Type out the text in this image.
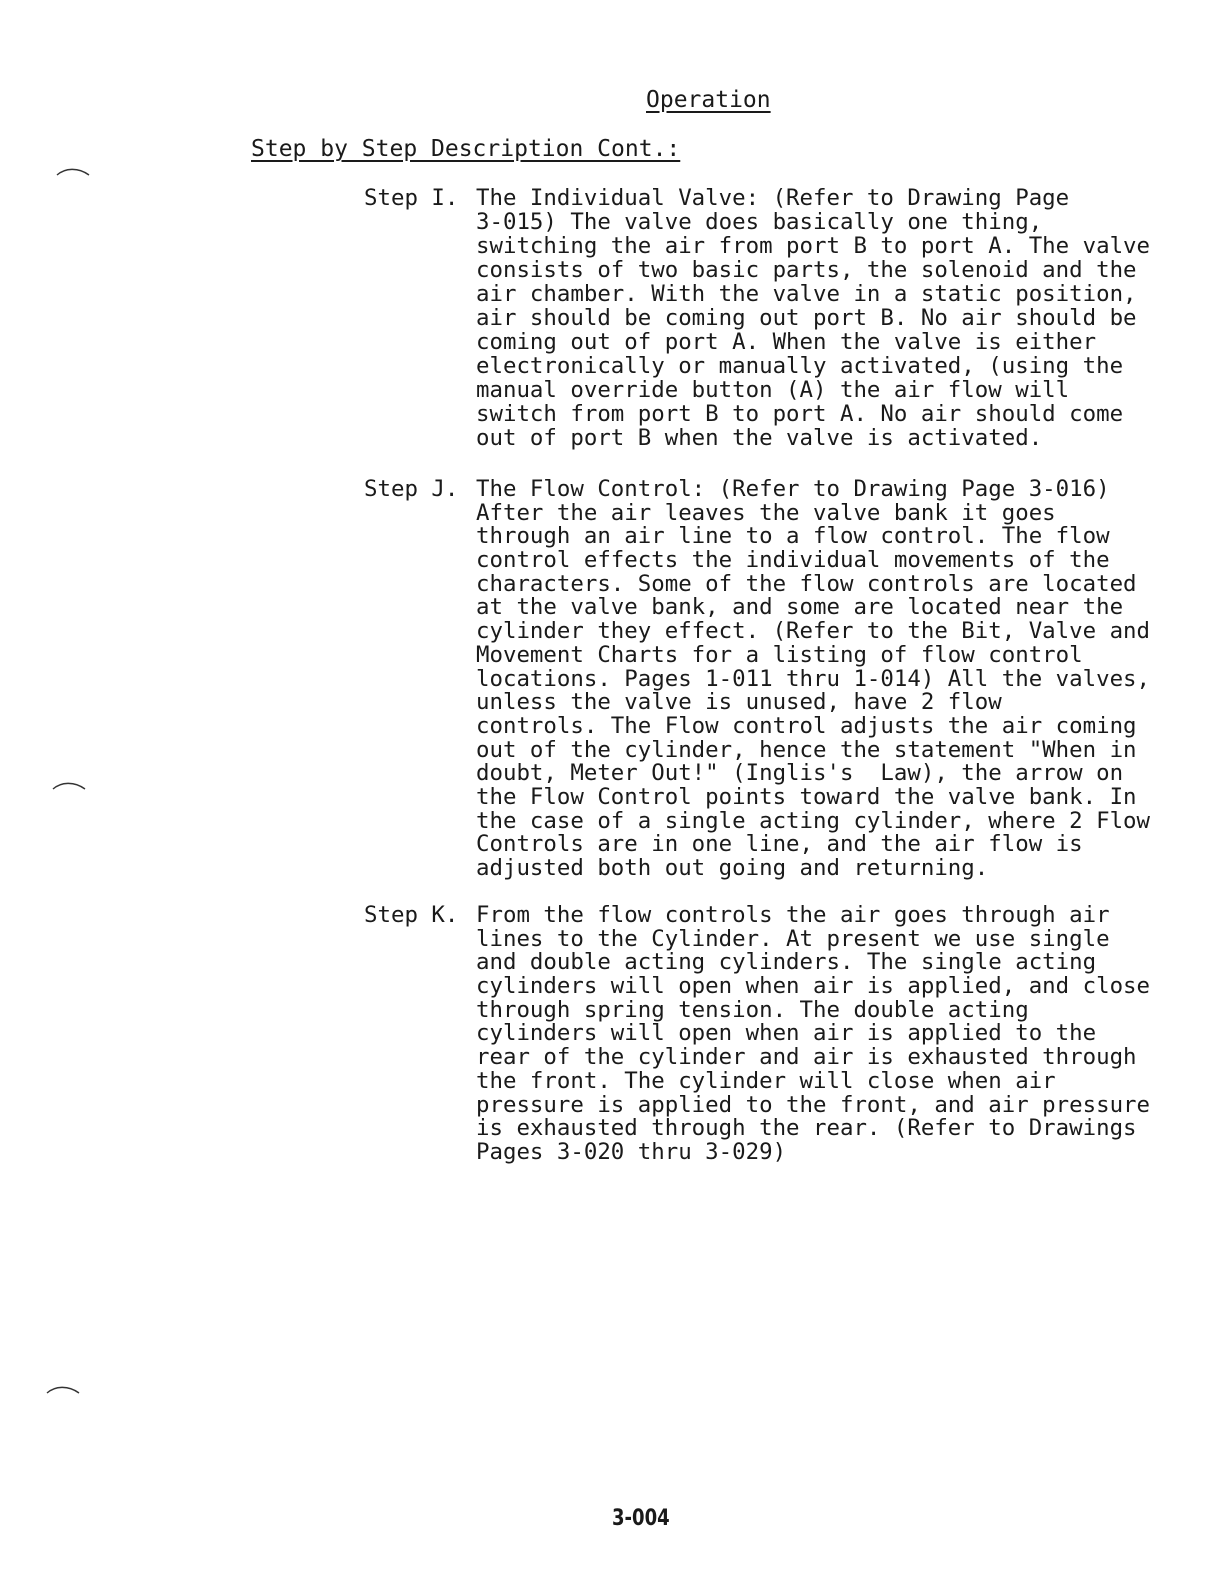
Operation
Step by Step Description Cont.:
Step I. The Individual Valve: (Refer to Drawing Page
3-015) The valve does basically one thing,
switching the air from port B to port A. The valve
consists of two basic parts, the solenoid and the
air chamber. With the valve in a static position,
air should be coming out port B. No air should be
coming out of port A. When the valve is either
electronically or manually activated, (using the
manual override button (A) the air flow will
switch from port B to port A. No air should come
out of port B when the valve is activated.
Step J. The Flow Control: (Refer to Drawing Page 3-016)
After the air leaves the valve bank it goes
through an air line to a flow control. The flow
control effects the individual movements of the
characters. Some of the flow controls are located
at the valve bank, and some are located near the
cylinder they effect. (Refer to the Bit, Valve and
Movement Charts for a listing of flow control
locations. Pages 1-011 thru 1-014) All the valves,
unless the valve is unused, have 2 flow
controls. The Flow control adjusts the air coming
out of the cylinder, hence the statement "When in
doubt, Meter Out!" (Inglis's  Law), the arrow on
the Flow Control points toward the valve bank. In
the case of a single acting cylinder, where 2 Flow
Controls are in one line, and the air flow is
adjusted both out going and returning.
Step K. From the flow controls the air goes through air
lines to the Cylinder. At present we use single
and double acting cylinders. The single acting
cylinders will open when air is applied, and close
through spring tension. The double acting
cylinders will open when air is applied to the
rear of the cylinder and air is exhausted through
the front. The cylinder will close when air
pressure is applied to the front, and air pressure
is exhausted through the rear. (Refer to Drawings
Pages 3-020 thru 3-029)
3-004
